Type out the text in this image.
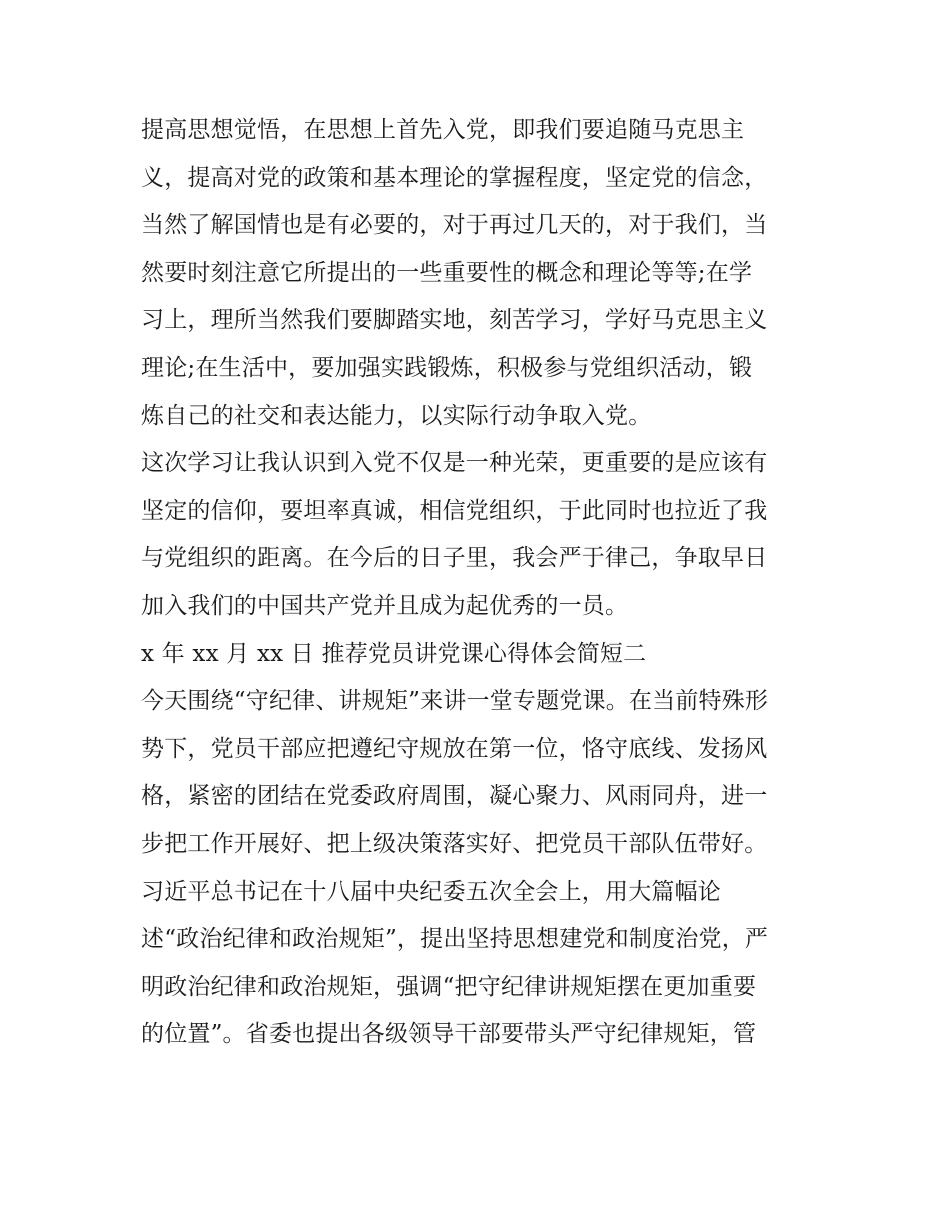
提高思想觉悟，在思想上首先入党，即我们要追随马克思主
义，提高对党的政策和基本理论的掌握程度，坚定党的信念，
当然了解国情也是有必要的，对于再过几天的，对于我们，当
然要时刻注意它所提出的一些重要性的概念和理论等等;在学
习上，理所当然我们要脚踏实地，刻苦学习，学好马克思主义
理论;在生活中，要加强实践锻炼，积极参与党组织活动，锻
炼自己的社交和表达能力，以实际行动争取入党。
这次学习让我认识到入党不仅是一种光荣，更重要的是应该有
坚定的信仰，要坦率真诚，相信党组织，于此同时也拉近了我
与党组织的距离。在今后的日子里，我会严于律己，争取早日
加入我们的中国共产党并且成为起优秀的一员。
x 年 xx 月 xx 日 推荐党员讲党课心得体会简短二
今天围绕“守纪律、讲规矩”来讲一堂专题党课。在当前特殊形
势下，党员干部应把遵纪守规放在第一位，恪守底线、发扬风
格，紧密的团结在党委政府周围，凝心聚力、风雨同舟，进一
步把工作开展好、把上级决策落实好、把党员干部队伍带好。
习近平总书记在十八届中央纪委五次全会上，用大篇幅论
述“政治纪律和政治规矩”，提出坚持思想建党和制度治党，严
明政治纪律和政治规矩，强调“把守纪律讲规矩摆在更加重要
的位置”。省委也提出各级领导干部要带头严守纪律规矩，管
